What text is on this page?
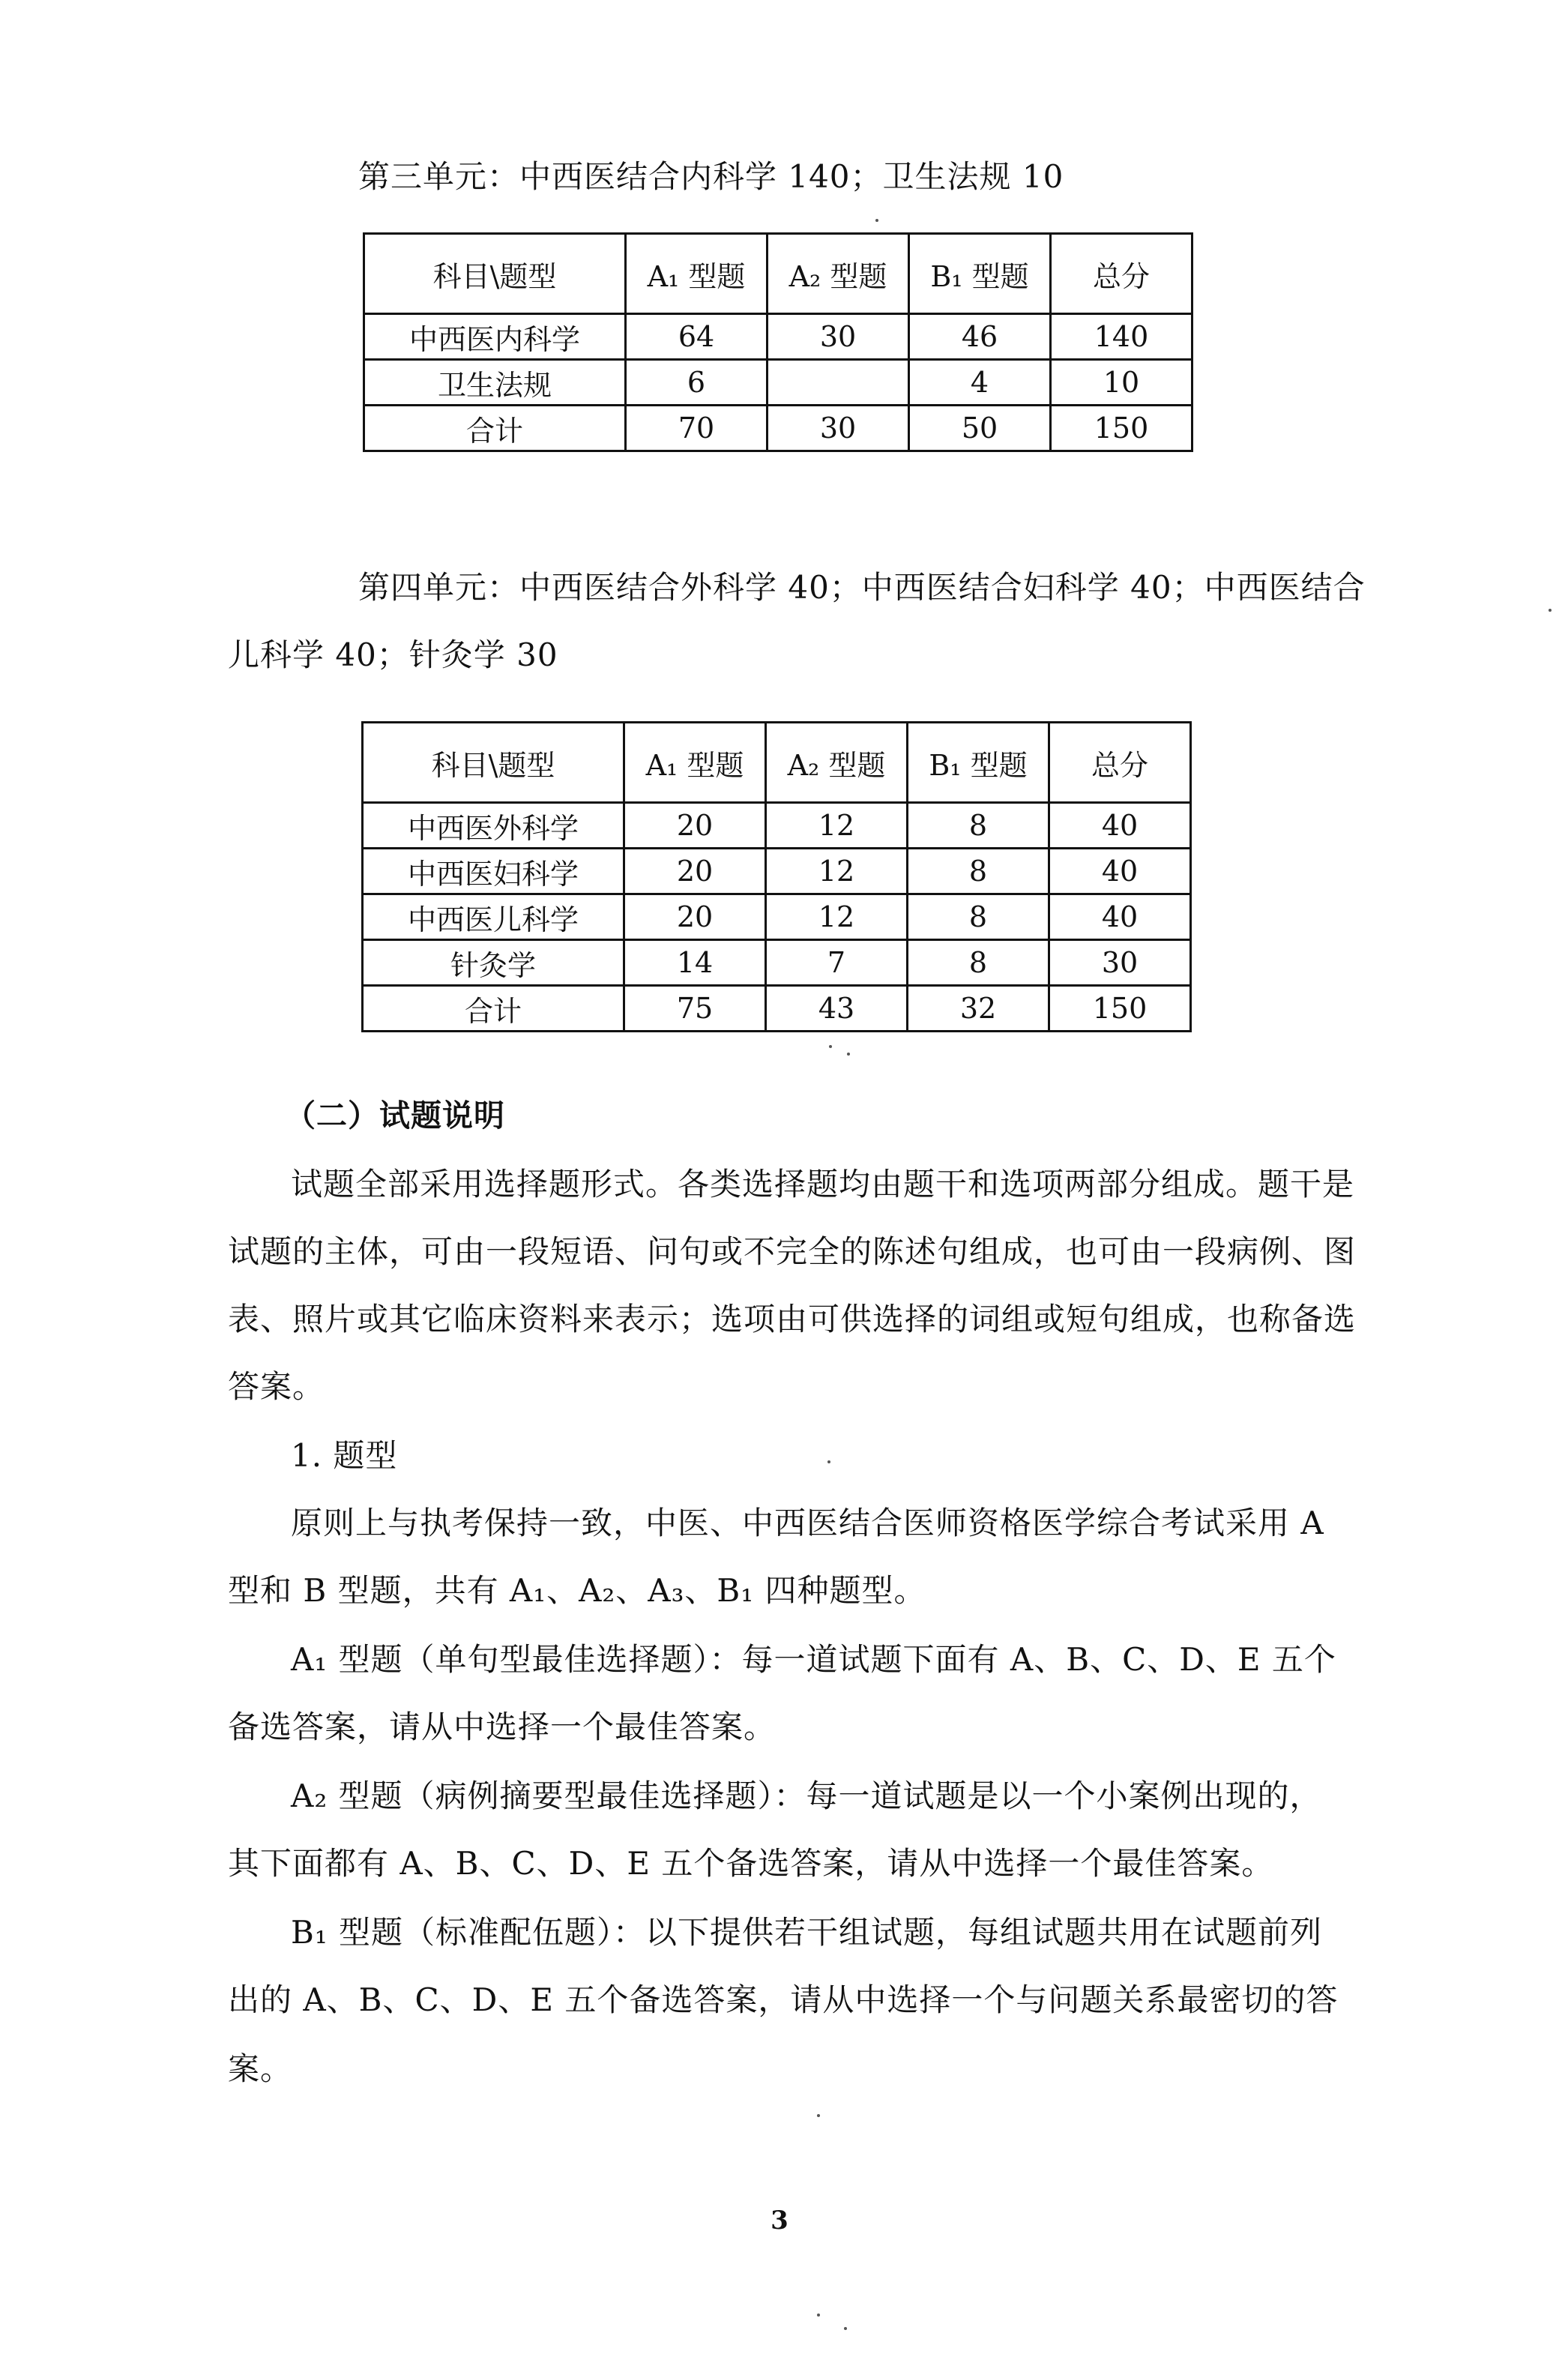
第三单元：中西医结合内科学 140；卫生法规 10
科目\题型	A₁ 型题	A₂ 型题	B₁ 型题	总分
中西医内科学	64	30	46	140
卫生法规	6		4	10
合计	70	30	50	150
第四单元：中西医结合外科学 40；中西医结合妇科学 40；中西医结合
儿科学 40；针灸学 30
科目\题型	A₁ 型题	A₂ 型题	B₁ 型题	总分
中西医外科学	20	12	8	40
中西医妇科学	20	12	8	40
中西医儿科学	20	12	8	40
针灸学	14	7	8	30
合计	75	43	32	150
（二）试题说明
试题全部采用选择题形式。各类选择题均由题干和选项两部分组成。题干是
试题的主体，可由一段短语、问句或不完全的陈述句组成，也可由一段病例、图
表、照片或其它临床资料来表示；选项由可供选择的词组或短句组成，也称备选
答案。
1. 题型
原则上与执考保持一致，中医、中西医结合医师资格医学综合考试采用 A
型和 B 型题，共有 A₁、A₂、A₃、B₁ 四种题型。
A₁ 型题（单句型最佳选择题）：每一道试题下面有 A、B、C、D、E 五个
备选答案，请从中选择一个最佳答案。
A₂ 型题（病例摘要型最佳选择题）：每一道试题是以一个小案例出现的，
其下面都有 A、B、C、D、E 五个备选答案，请从中选择一个最佳答案。
B₁ 型题（标准配伍题）：以下提供若干组试题，每组试题共用在试题前列
出的 A、B、C、D、E 五个备选答案，请从中选择一个与问题关系最密切的答
案。
3
